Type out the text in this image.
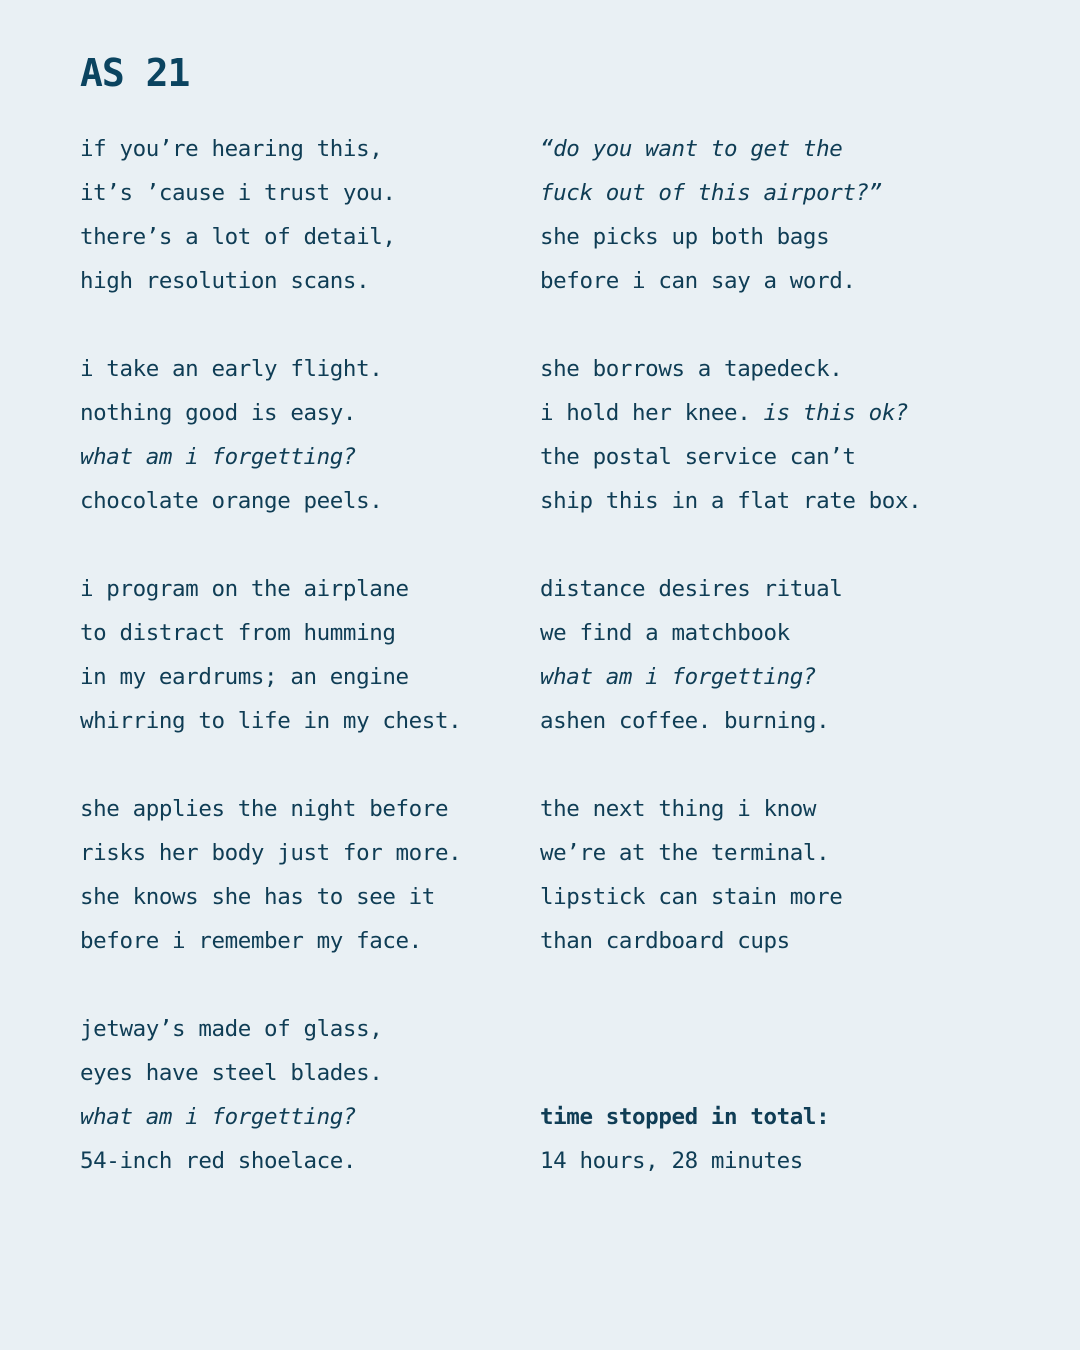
AS 21
if you’re hearing this,
it’s ’cause i trust you.
there’s a lot of detail,
high resolution scans.
i take an early flight.
nothing good is easy.
what am i forgetting?
chocolate orange peels.
i program on the airplane
to distract from humming
in my eardrums; an engine
whirring to life in my chest.
she applies the night before
risks her body just for more.
she knows she has to see it
before i remember my face.
jetway’s made of glass,
eyes have steel blades.
what am i forgetting?
54-inch red shoelace.
“do you want to get the
fuck out of this airport?”
she picks up both bags
before i can say a word.
she borrows a tapedeck.
i hold her knee. is this ok?
the postal service can’t
ship this in a flat rate box.
distance desires ritual
we find a matchbook
what am i forgetting?
ashen coffee. burning.
the next thing i know
we’re at the terminal.
lipstick can stain more
than cardboard cups
time stopped in total:
14 hours, 28 minutes
